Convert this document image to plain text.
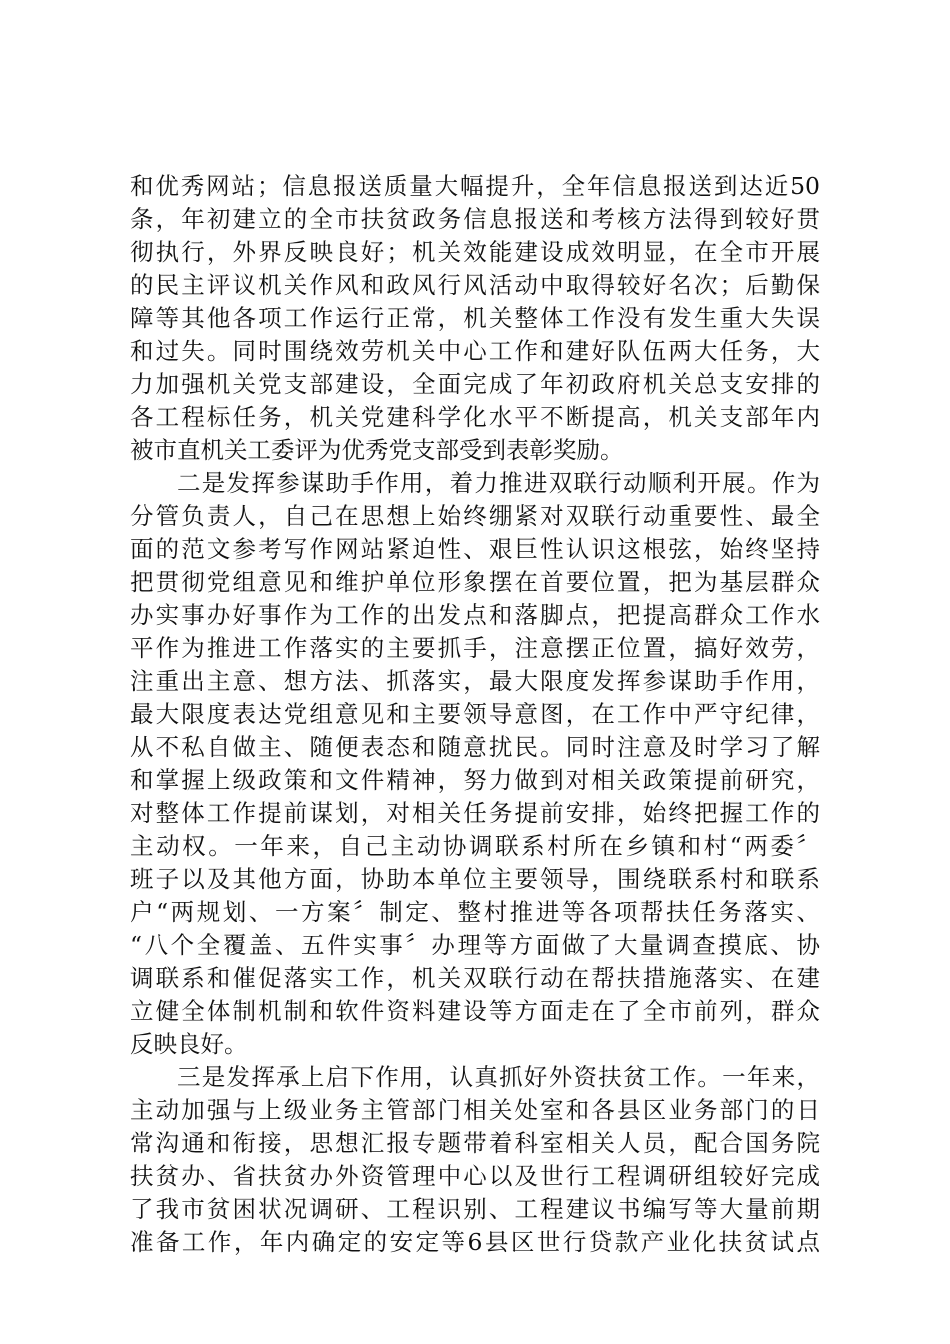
和优秀网站；信息报送质量大幅提升，全年信息报送到达近50
条，年初建立的全市扶贫政务信息报送和考核方法得到较好贯
彻执行，外界反映良好；机关效能建设成效明显，在全市开展
的民主评议机关作风和政风行风活动中取得较好名次；后勤保
障等其他各项工作运行正常，机关整体工作没有发生重大失误
和过失。同时围绕效劳机关中心工作和建好队伍两大任务，大
力加强机关党支部建设，全面完成了年初政府机关总支安排的
各工程标任务，机关党建科学化水平不断提高，机关支部年内
被市直机关工委评为优秀党支部受到表彰奖励。
二是发挥参谋助手作用，着力推进双联行动顺利开展。作为
分管负责人，自己在思想上始终绷紧对双联行动重要性、最全
面的范文参考写作网站紧迫性、艰巨性认识这根弦，始终坚持
把贯彻党组意见和维护单位形象摆在首要位置，把为基层群众
办实事办好事作为工作的出发点和落脚点，把提高群众工作水
平作为推进工作落实的主要抓手，注意摆正位置，搞好效劳，
注重出主意、想方法、抓落实，最大限度发挥参谋助手作用，
最大限度表达党组意见和主要领导意图，在工作中严守纪律，
从不私自做主、随便表态和随意扰民。同时注意及时学习了解
和掌握上级政策和文件精神，努力做到对相关政策提前研究，
对整体工作提前谋划，对相关任务提前安排，始终把握工作的
主动权。一年来，自己主动协调联系村所在乡镇和村“两委〞
班子以及其他方面，协助本单位主要领导，围绕联系村和联系
户“两规划、一方案〞制定、整村推进等各项帮扶任务落实、
“八个全覆盖、五件实事〞办理等方面做了大量调查摸底、协
调联系和催促落实工作，机关双联行动在帮扶措施落实、在建
立健全体制机制和软件资料建设等方面走在了全市前列，群众
反映良好。
三是发挥承上启下作用，认真抓好外资扶贫工作。一年来，
主动加强与上级业务主管部门相关处室和各县区业务部门的日
常沟通和衔接，思想汇报专题带着科室相关人员，配合国务院
扶贫办、省扶贫办外资管理中心以及世行工程调研组较好完成
了我市贫困状况调研、工程识别、工程建议书编写等大量前期
准备工作，年内确定的安定等6县区世行贷款产业化扶贫试点
